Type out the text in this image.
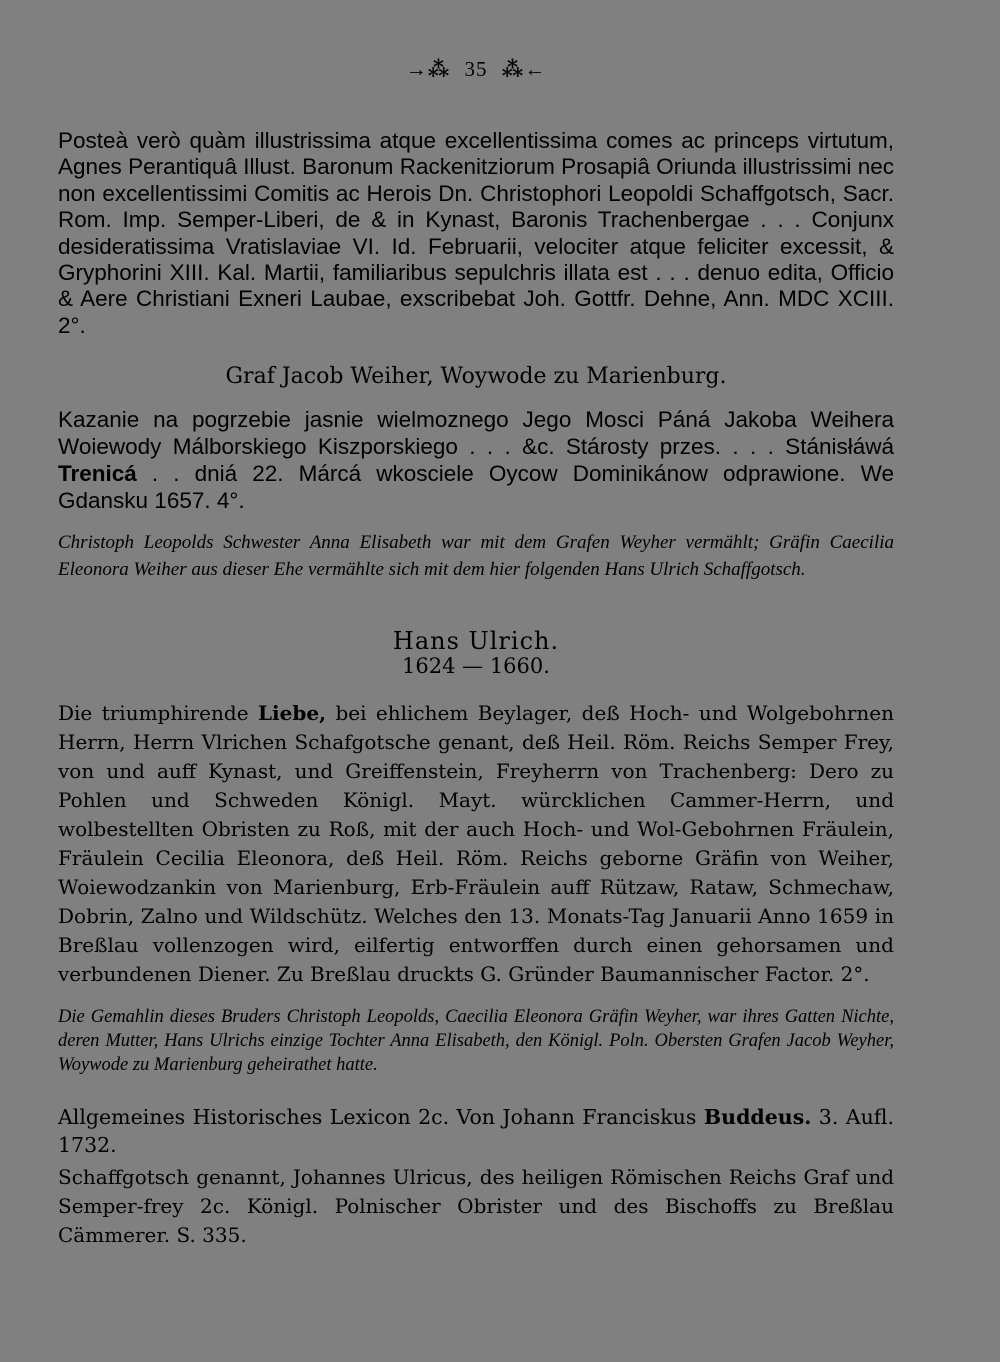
→⁂ 35 ⁂←

Posteà verò quàm illustrissima atque excellentissima comes ac princeps virtutum, Agnes Perantiquâ Illust. Baronum Rackenitziorum Prosapiâ Oriunda illustrissimi nec non excellentissimi Comitis ac Herois Dn. Christophori Leopoldi Schaffgotsch, Sacr. Rom. Imp. Semper-Liberi, de & in Kynast, Baronis Trachenbergae . . . Conjunx desideratissima Vratislaviae VI. Id. Februarii, velociter atque feliciter excessit, & Gryphorini XIII. Kal. Martii, familiaribus sepulchris illata est . . . denuo edita, Officio & Aere Christiani Exneri Laubae, exscribebat Joh. Gottfr. Dehne, Ann. MDC XCIII. 2°.

Graf Jacob Weiher, Woywode zu Marienburg.

Kazanie na pogrzebie jasnie wielmoznego Jego Mosci Páná Jakoba Weihera Woiewody Málborskiego Kiszporskiego . . . &c. Stárosty przes. . . . Stánisłáwá Trenicá . . dniá 22. Márcá wkosciele Oycow Dominikánow odprawione. We Gdansku 1657. 4°.

Christoph Leopolds Schwester Anna Elisabeth war mit dem Grafen Weyher vermählt; Gräfin Caecilia Eleonora Weiher aus dieser Ehe vermählte sich mit dem hier folgenden Hans Ulrich Schaffgotsch.

Hans Ulrich.

1624 — 1660.

Die triumphirende Liebe, bei ehlichem Beylager, deß Hoch- und Wolgebohrnen Herrn, Herrn Vlrichen Schafgotsche genant, deß Heil. Röm. Reichs Semper Frey, von und auff Kynast, und Greiffenstein, Freyherrn von Trachenberg: Dero zu Pohlen und Schweden Königl. Mayt. würcklichen Cammer-Herrn, und wolbestellten Obristen zu Roß, mit der auch Hoch- und Wol-Gebohrnen Fräulein, Fräulein Cecilia Eleonora, deß Heil. Röm. Reichs geborne Gräfin von Weiher, Woiewodzankin von Marienburg, Erb-Fräulein auff Rützaw, Rataw, Schmechaw, Dobrin, Zalno und Wildschütz. Welches den 13. Monats-Tag Januarii Anno 1659 in Breßlau vollenzogen wird, eilfertig entworffen durch einen gehorsamen und verbundenen Diener. Zu Breßlau druckts G. Gründer Baumannischer Factor. 2°.

Die Gemahlin dieses Bruders Christoph Leopolds, Caecilia Eleonora Gräfin Weyher, war ihres Gatten Nichte, deren Mutter, Hans Ulrichs einzige Tochter Anna Elisabeth, den Königl. Poln. Obersten Grafen Jacob Weyher, Woywode zu Marienburg geheirathet hatte.

Allgemeines Historisches Lexicon 2c. Von Johann Franciskus Buddeus. 3. Aufl. 1732.

Schaffgotsch genannt, Johannes Ulricus, des heiligen Römischen Reichs Graf und Semper-frey 2c. Königl. Polnischer Obrister und des Bischoffs zu Breßlau Cämmerer. S. 335.
